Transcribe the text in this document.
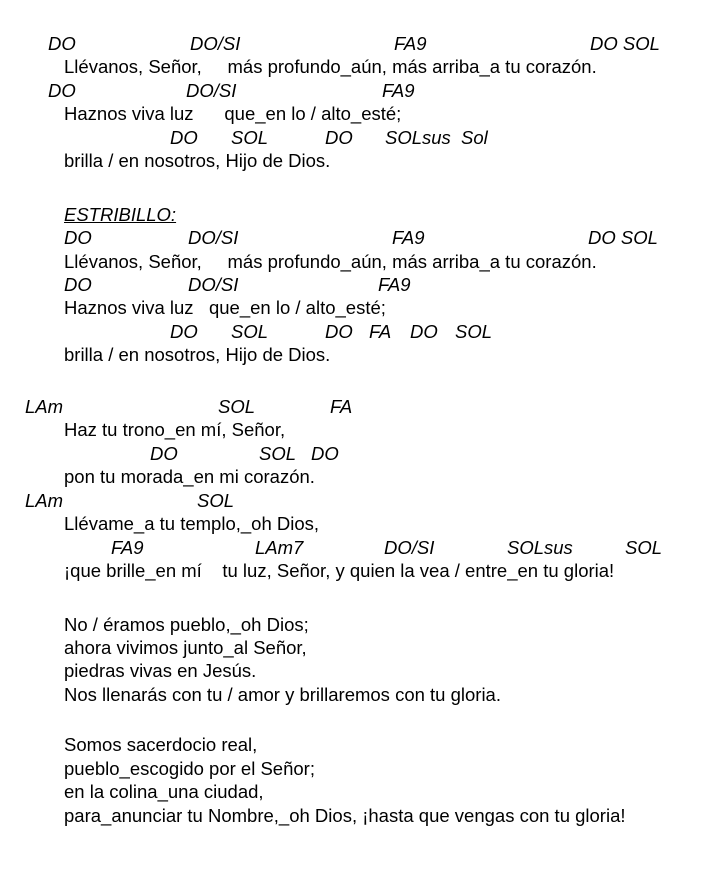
DO	DO/SI	FA9	DO SOL
Llévanos, Señor,     más profundo_aún, más arriba_a tu corazón.
DO	DO/SI	FA9
Haznos viva luz      que_en lo / alto_esté;
DO SOL	DO SOLsus Sol
brilla / en nosotros, Hijo de Dios.
ESTRIBILLO:
DO	DO/SI	FA9	DO SOL
Llévanos, Señor,     más profundo_aún, más arriba_a tu corazón.
DO	DO/SI	FA9
Haznos viva luz   que_en lo / alto_esté;
DO SOL	DO FA DO SOL
brilla / en nosotros, Hijo de Dios.
LAm	SOL	FA
Haz tu trono_en mí, Señor,
DO	SOL DO
pon tu morada_en mi corazón.
LAm	SOL
Llévame_a tu templo,_oh Dios,
FA9	LAm7	DO/SI	SOLsus	SOL
¡que brille_en mí    tu luz, Señor, y quien la vea / entre_en tu gloria!
No / éramos pueblo,_oh Dios;
ahora vivimos junto_al Señor,
piedras vivas en Jesús.
Nos llenarás con tu / amor y brillaremos con tu gloria.
Somos sacerdocio real,
pueblo_escogido por el Señor;
en la colina_una ciudad,
para_anunciar tu Nombre,_oh Dios, ¡hasta que vengas con tu gloria!
